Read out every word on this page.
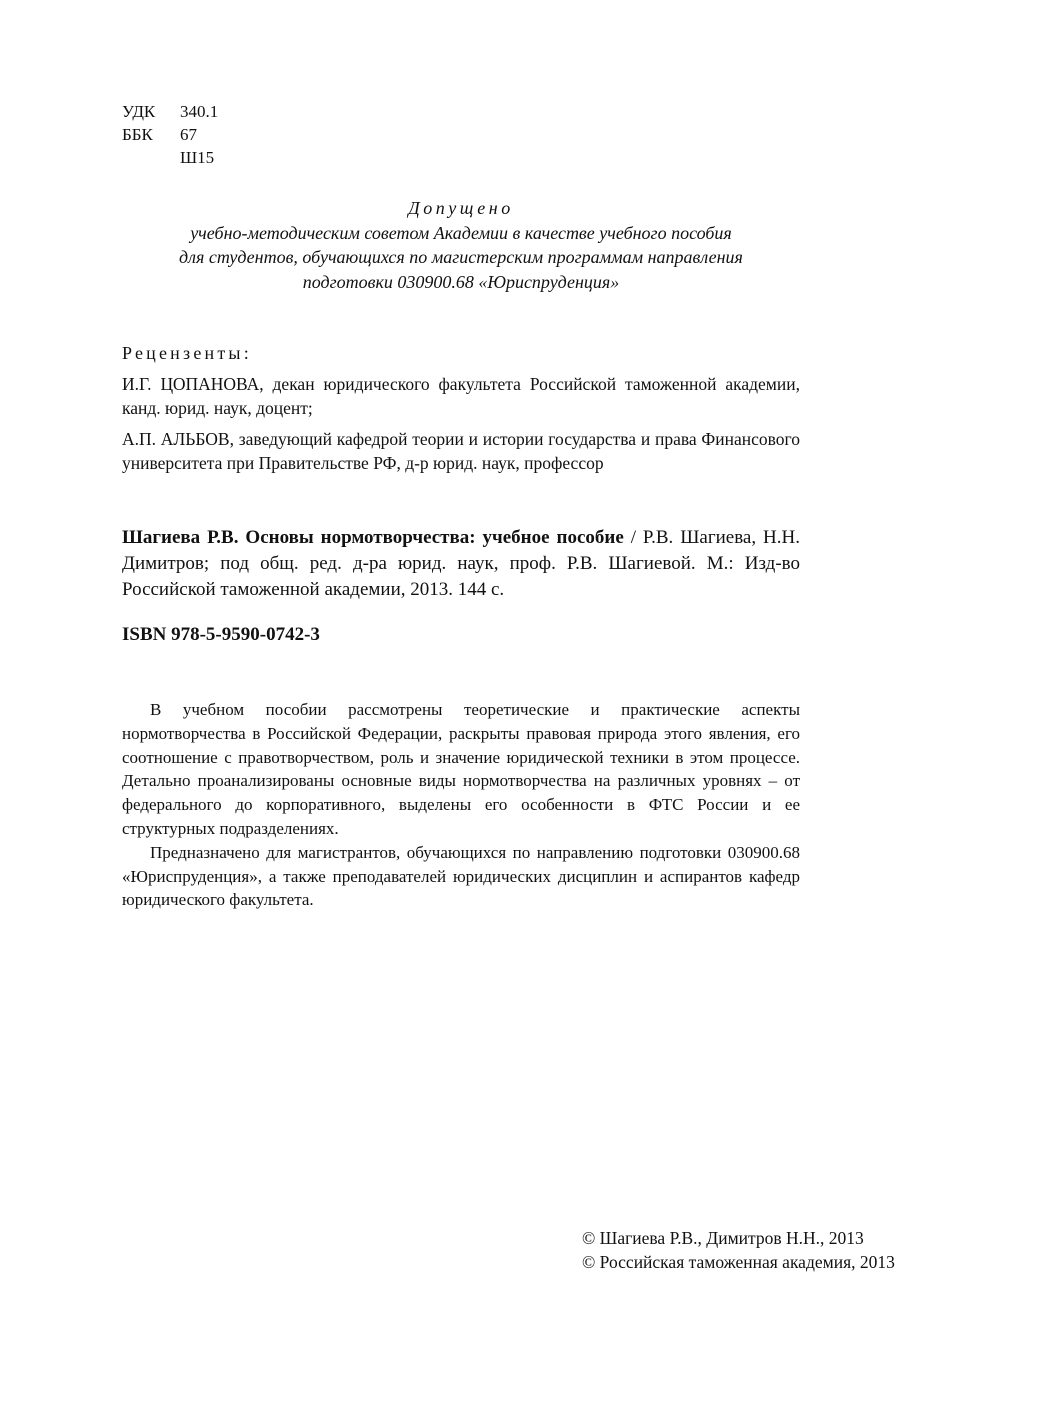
УДК	340.1
ББК	67
Ш15
Допущено
учебно-методическим советом Академии в качестве учебного пособия
для студентов, обучающихся по магистерским программам направления
подготовки 030900.68 «Юриспруденция»
Рецензенты:
И.Г. ЦОПАНОВА, декан юридического факультета Российской таможенной академии, канд. юрид. наук, доцент;
А.П. АЛЬБОВ, заведующий кафедрой теории и истории государства и права Финансового университета при Правительстве РФ, д-р юрид. наук, профессор
Шагиева Р.В. Основы нормотворчества: учебное пособие / Р.В. Шагиева, Н.Н. Димитров; под общ. ред. д-ра юрид. наук, проф. Р.В. Шагиевой. М.: Изд-во Российской таможенной академии, 2013. 144 с.
ISBN 978-5-9590-0742-3

В учебном пособии рассмотрены теоретические и практические аспекты нормотворчества в Российской Федерации, раскрыты правовая природа этого явления, его соотношение с правотворчеством, роль и значение юридической техники в этом процессе. Детально проанализированы основные виды нормотворчества на различных уровнях – от федерального до корпоративного, выделены его особенности в ФТС России и ее структурных подразделениях.

Предназначено для магистрантов, обучающихся по направлению подготовки 030900.68 «Юриспруденция», а также преподавателей юридических дисциплин и аспирантов кафедр юридического факультета.

© Шагиева Р.В., Димитров Н.Н., 2013
© Российская таможенная академия, 2013
